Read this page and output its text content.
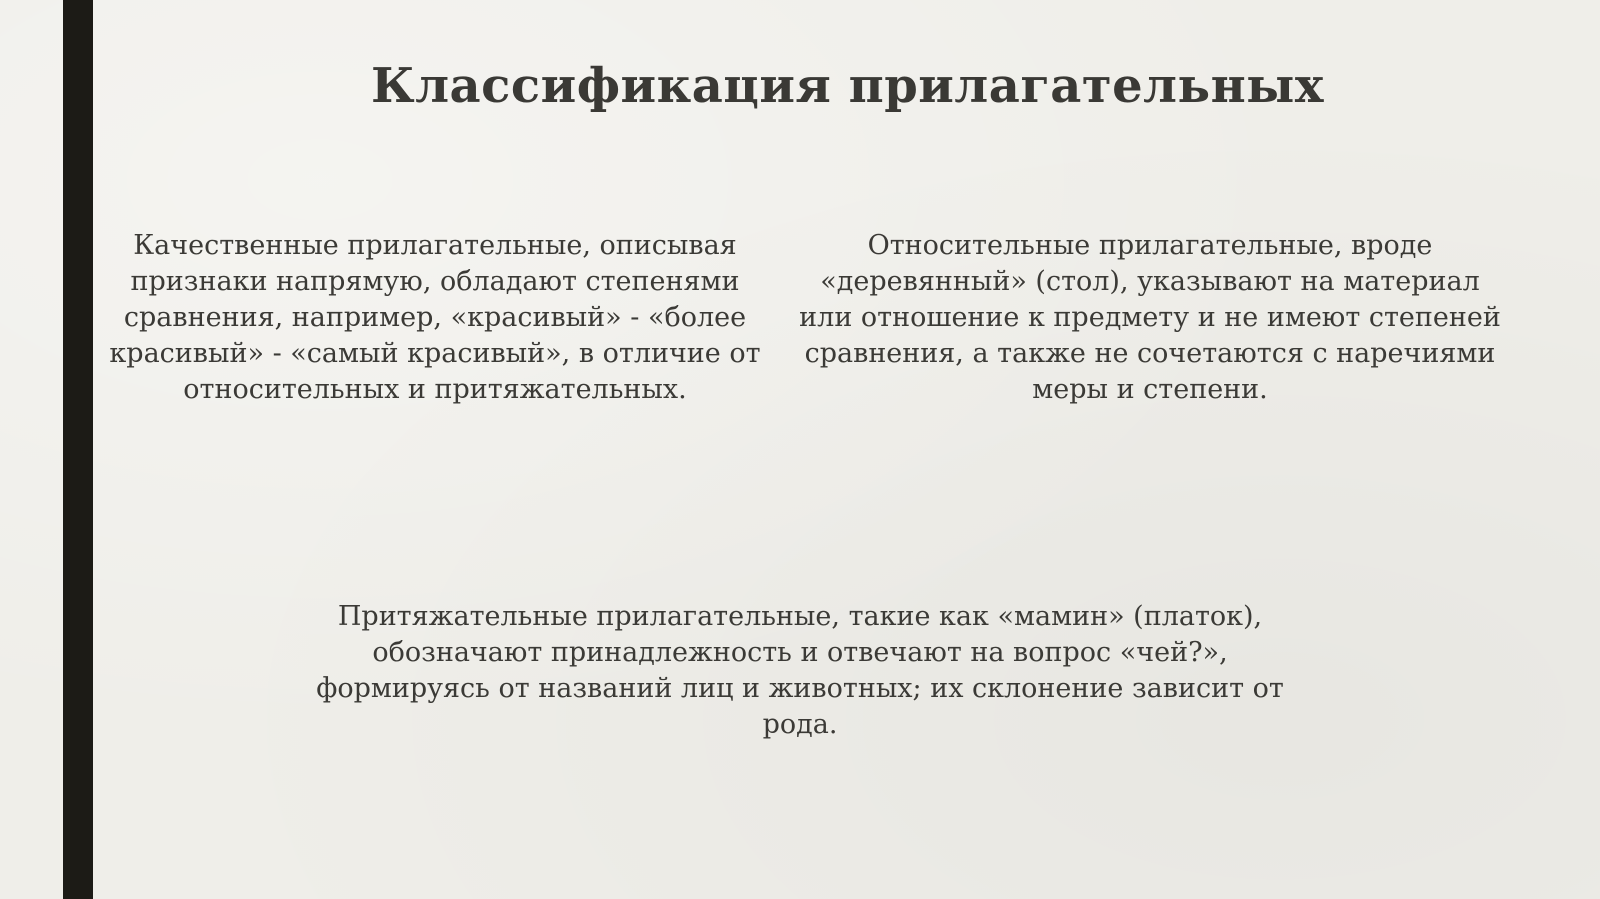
Классификация прилагательных

Качественные прилагательные, описывая признаки напрямую, обладают степенями сравнения, например, «красивый» - «более красивый» - «самый красивый», в отличие от относительных и притяжательных.

Относительные прилагательные, вроде «деревянный» (стол), указывают на материал или отношение к предмету и не имеют степеней сравнения, а также не сочетаются с наречиями меры и степени.

Притяжательные прилагательные, такие как «мамин» (платок), обозначают принадлежность и отвечают на вопрос «чей?», формируясь от названий лиц и животных; их склонение зависит от рода.
